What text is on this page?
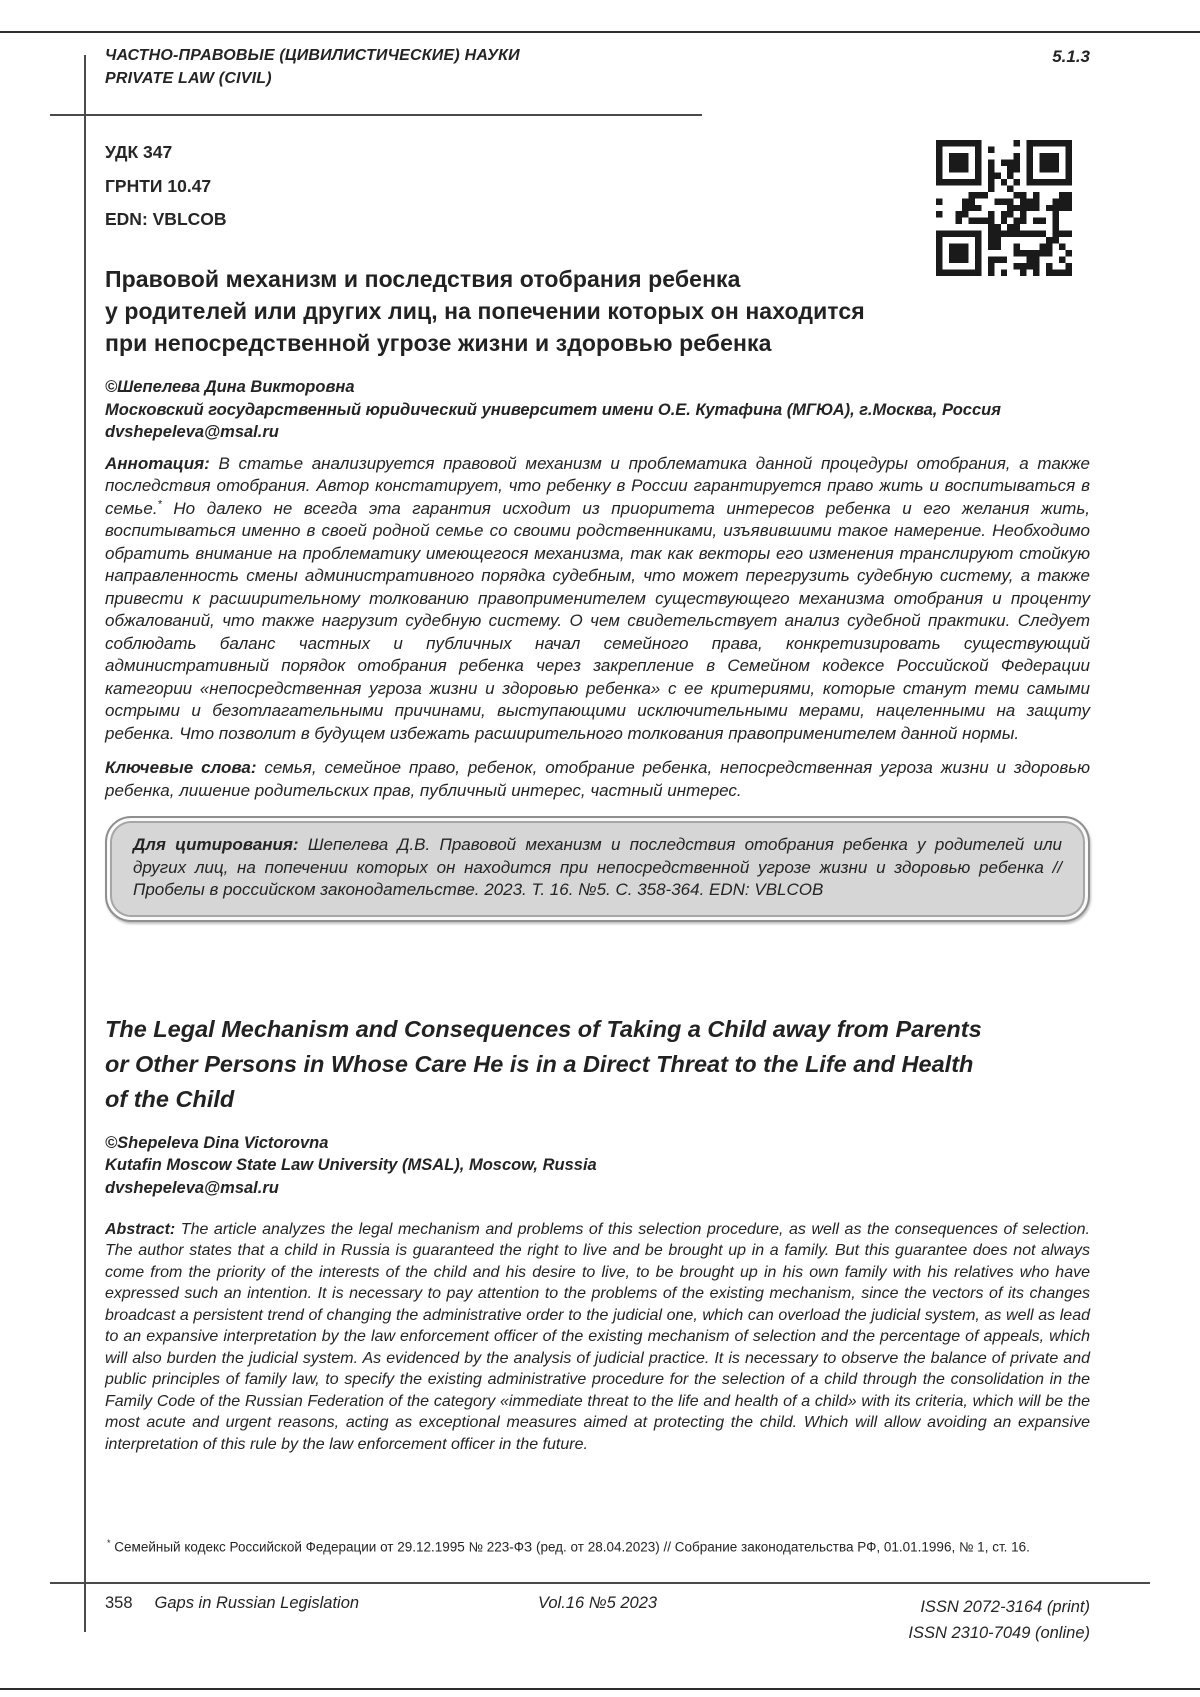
ЧАСТНО-ПРАВОВЫЕ (ЦИВИЛИСТИЧЕСКИЕ) НАУКИ
PRIVATE LAW (CIVIL)
5.1.3
УДК 347
ГРНТИ 10.47
EDN: VBLCOB
Правовой механизм и последствия отобрания ребенка
у родителей или других лиц, на попечении которых он находится
при непосредственной угрозе жизни и здоровью ребенка
©Шепелева Дина Викторовна
Московский государственный юридический университет имени О.Е. Кутафина (МГЮА), г.Москва, Россия
dvshepeleva@msal.ru
Аннотация: В статье анализируется правовой механизм и проблематика данной процедуры отобрания, а также последствия отобрания. Автор констатирует, что ребенку в России гарантируется право жить и воспитываться в семье.* Но далеко не всегда эта гарантия исходит из приоритета интересов ребенка и его желания жить, воспитываться именно в своей родной семье со своими родственниками, изъявившими такое намерение. Необходимо обратить внимание на проблематику имеющегося механизма, так как векторы его изменения транслируют стойкую направленность смены административного порядка судебным, что может перегрузить судебную систему, а также привести к расширительному толкованию правоприменителем существующего механизма отобрания и проценту обжалований, что также нагрузит судебную систему. О чем свидетельствует анализ судебной практики. Следует соблюдать баланс частных и публичных начал семейного права, конкретизировать существующий административный порядок отобрания ребенка через закрепление в Семейном кодексе Российской Федерации категории «непосредственная угроза жизни и здоровью ребенка» с ее критериями, которые станут теми самыми острыми и безотлагательными причинами, выступающими исключительными мерами, нацеленными на защиту ребенка. Что позволит в будущем избежать расширительного толкования правоприменителем данной нормы.
Ключевые слова: семья, семейное право, ребенок, отобрание ребенка, непосредственная угроза жизни и здоровью ребенка, лишение родительских прав, публичный интерес, частный интерес.
Для цитирования: Шепелева Д.В. Правовой механизм и последствия отобрания ребенка у родителей или других лиц, на попечении которых он находится при непосредственной угрозе жизни и здоровью ребенка // Пробелы в российском законодательстве. 2023. Т. 16. №5. С. 358-364. EDN: VBLCOB
The Legal Mechanism and Consequences of Taking a Child away from Parents
or Other Persons in Whose Care He is in a Direct Threat to the Life and Health
of the Child
©Shepeleva Dina Victorovna
Kutafin Moscow State Law University (MSAL), Moscow, Russia
dvshepeleva@msal.ru
Abstract: The article analyzes the legal mechanism and problems of this selection procedure, as well as the consequences of selection. The author states that a child in Russia is guaranteed the right to live and be brought up in a family. But this guarantee does not always come from the priority of the interests of the child and his desire to live, to be brought up in his own family with his relatives who have expressed such an intention. It is necessary to pay attention to the problems of the existing mechanism, since the vectors of its changes broadcast a persistent trend of changing the administrative order to the judicial one, which can overload the judicial system, as well as lead to an expansive interpretation by the law enforcement officer of the existing mechanism of selection and the percentage of appeals, which will also burden the judicial system. As evidenced by the analysis of judicial practice. It is necessary to observe the balance of private and public principles of family law, to specify the existing administrative procedure for the selection of a child through the consolidation in the Family Code of the Russian Federation of the category «immediate threat to the life and health of a child» with its criteria, which will be the most acute and urgent reasons, acting as exceptional measures aimed at protecting the child. Which will allow avoiding an expansive interpretation of this rule by the law enforcement officer in the future.
* Семейный кодекс Российской Федерации от 29.12.1995 № 223-ФЗ (ред. от 28.04.2023) // Собрание законодательства РФ, 01.01.1996, № 1, ст. 16.
358 Gaps in Russian Legislation	Vol.16 №5 2023	ISSN 2072-3164 (print)
ISSN 2310-7049 (online)
